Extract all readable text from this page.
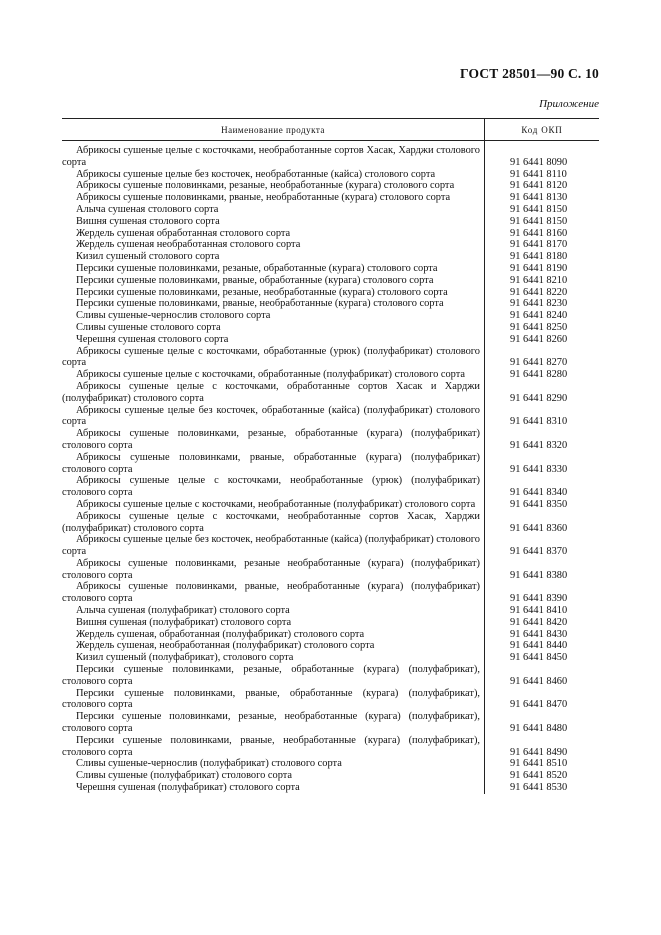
ГОСТ 28501—90 С. 10
Приложение
Наименование продукта	Код ОКП
Абрикосы сушеные целые с косточками, необработанные сортов Хасак, Харджи столового сорта	91 6441 8090
Абрикосы сушеные целые без косточек, необработанные (кайса) столового сорта	91 6441 8110
Абрикосы сушеные половинками, резаные, необработанные (курага) столового сорта	91 6441 8120
Абрикосы сушеные половинками, рваные, необработанные (курага) столового сорта	91 6441 8130
Алыча сушеная столового сорта	91 6441 8150
Вишня сушеная столового сорта	91 6441 8150
Жердель сушеная обработанная столового сорта	91 6441 8160
Жердель сушеная необработанная столового сорта	91 6441 8170
Кизил сушеный столового сорта	91 6441 8180
Персики сушеные половинками, резаные, обработанные (курага) столового сорта	91 6441 8190
Персики сушеные половинками, рваные, обработанные (курага) столового сорта	91 6441 8210
Персики сушеные половинками, резаные, необработанные (курага) столового сорта	91 6441 8220
Персики сушеные половинками, рваные, необработанные (курага) столового сорта	91 6441 8230
Сливы сушеные-чернослив столового сорта	91 6441 8240
Сливы сушеные столового сорта	91 6441 8250
Черешня сушеная столового сорта	91 6441 8260
Абрикосы сушеные целые с косточками, обработанные (урюк) (полуфабрикат) столового сорта	91 6441 8270
Абрикосы сушеные целые с косточками, обработанные (полуфабрикат) столового сорта	91 6441 8280
Абрикосы сушеные целые с косточками, обработанные сортов Хасак и Харджи (полуфабрикат) столового сорта	91 6441 8290
Абрикосы сушеные целые без косточек, обработанные (кайса) (полуфабрикат) столового сорта	91 6441 8310
Абрикосы сушеные половинками, резаные, обработанные (курага) (полуфабрикат) столового сорта	91 6441 8320
Абрикосы сушеные половинками, рваные, обработанные (курага) (полуфабрикат) столового сорта	91 6441 8330
Абрикосы сушеные целые с косточками, необработанные (урюк) (полуфабрикат) столового сорта	91 6441 8340
Абрикосы сушеные целые с косточками, необработанные (полуфабрикат) столового сорта	91 6441 8350
Абрикосы сушеные целые с косточками, необработанные сортов Хасак, Харджи (полуфабрикат) столового сорта	91 6441 8360
Абрикосы сушеные целые без косточек, необработанные (кайса) (полуфабрикат) столового сорта	91 6441 8370
Абрикосы сушеные половинками, резаные необработанные (курага) (полуфабрикат) столового сорта	91 6441 8380
Абрикосы сушеные половинками, рваные, необработанные (курага) (полуфабрикат) столового сорта	91 6441 8390
Алыча сушеная (полуфабрикат) столового сорта	91 6441 8410
Вишня сушеная (полуфабрикат) столового сорта	91 6441 8420
Жердель сушеная, обработанная (полуфабрикат) столового сорта	91 6441 8430
Жердель сушеная, необработанная (полуфабрикат) столового сорта	91 6441 8440
Кизил сушеный (полуфабрикат), столового сорта	91 6441 8450
Персики сушеные половинками, резаные, обработанные (курага) (полуфабрикат), столового сорта	91 6441 8460
Персики сушеные половинками, рваные, обработанные (курага) (полуфабрикат), столового сорта	91 6441 8470
Персики сушеные половинками, резаные, необработанные (курага) (полуфабрикат), столового сорта	91 6441 8480
Персики сушеные половинками, рваные, необработанные (курага) (полуфабрикат), столового сорта	91 6441 8490
Сливы сушеные-чернослив (полуфабрикат) столового сорта	91 6441 8510
Сливы сушеные (полуфабрикат) столового сорта	91 6441 8520
Черешня сушеная (полуфабрикат) столового сорта	91 6441 8530
